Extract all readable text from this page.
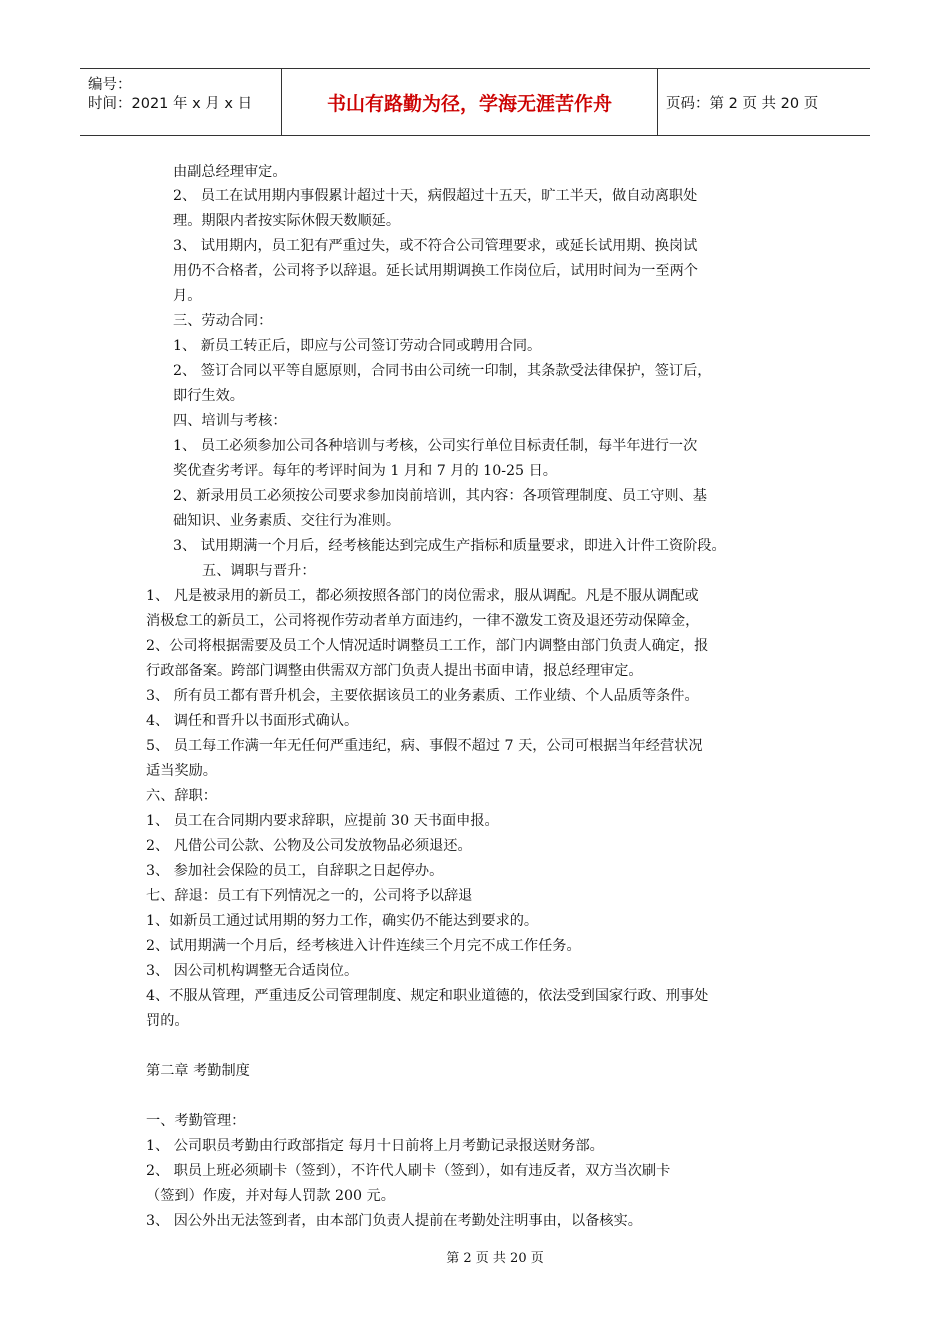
编号：
时间：2021 年 x 月 x 日	书山有路勤为径，学海无涯苦作舟	页码：第 2 页 共 20 页
由副总经理审定。
2、 员工在试用期内事假累计超过十天，病假超过十五天，旷工半天，做自动离职处
理。期限内者按实际休假天数顺延。
3、 试用期内，员工犯有严重过失，或不符合公司管理要求，或延长试用期、换岗试
用仍不合格者，公司将予以辞退。延长试用期调换工作岗位后，试用时间为一至两个
月。
三、劳动合同：
1、 新员工转正后，即应与公司签订劳动合同或聘用合同。
2、 签订合同以平等自愿原则，合同书由公司统一印制，其条款受法律保护，签订后，
即行生效。
四、培训与考核：
1、 员工必须参加公司各种培训与考核，公司实行单位目标责任制，每半年进行一次
奖优查劣考评。每年的考评时间为 1 月和 7 月的 10-25 日。
2、新录用员工必须按公司要求参加岗前培训，其内容：各项管理制度、员工守则、基
础知识、业务素质、交往行为准则。
3、 试用期满一个月后，经考核能达到完成生产指标和质量要求，即进入计件工资阶段。
五、调职与晋升：
1、 凡是被录用的新员工，都必须按照各部门的岗位需求，服从调配。凡是不服从调配或
消极怠工的新员工，公司将视作劳动者单方面违约，一律不激发工资及退还劳动保障金，
2、公司将根据需要及员工个人情况适时调整员工工作，部门内调整由部门负责人确定，报
行政部备案。跨部门调整由供需双方部门负责人提出书面申请，报总经理审定。
3、 所有员工都有晋升机会，主要依据该员工的业务素质、工作业绩、个人品质等条件。
4、 调任和晋升以书面形式确认。
5、 员工每工作满一年无任何严重违纪，病、事假不超过 7 天，公司可根据当年经营状况
适当奖励。
六、辞职：
1、 员工在合同期内要求辞职，应提前 30 天书面申报。
2、 凡借公司公款、公物及公司发放物品必须退还。
3、 参加社会保险的员工，自辞职之日起停办。
七、辞退：员工有下列情况之一的，公司将予以辞退
1、如新员工通过试用期的努力工作，确实仍不能达到要求的。
2、试用期满一个月后，经考核进入计件连续三个月完不成工作任务。
3、 因公司机构调整无合适岗位。
4、不服从管理，严重违反公司管理制度、规定和职业道德的，依法受到国家行政、刑事处
罚的。
第二章 考勤制度
一、考勤管理：
1、 公司职员考勤由行政部指定 每月十日前将上月考勤记录报送财务部。
2、 职员上班必须刷卡（签到），不许代人刷卡（签到），如有违反者，双方当次刷卡
（签到）作废，并对每人罚款 200 元。
3、 因公外出无法签到者，由本部门负责人提前在考勤处注明事由，以备核实。
第 2 页 共 20 页
